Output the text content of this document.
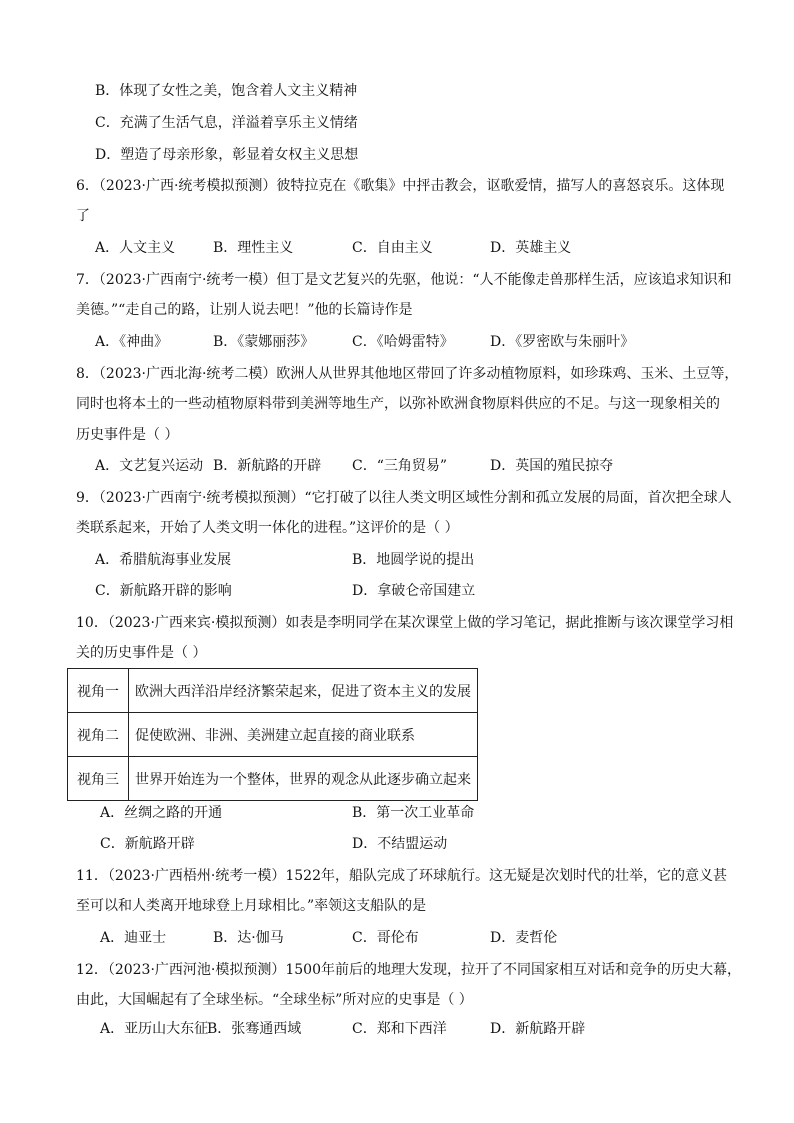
B．体现了女性之美，饱含着人文主义精神
C．充满了生活气息，洋溢着享乐主义情绪
D．塑造了母亲形象，彰显着女权主义思想
6．（2023·广西·统考模拟预测）彼特拉克在《歌集》中抨击教会，讴歌爱情，描写人的喜怒哀乐。这体现
了
A．人文主义	B．理性主义	C．自由主义	D．英雄主义
7．（2023·广西南宁·统考一模）但丁是文艺复兴的先驱，他说：“人不能像走兽那样生活，应该追求知识和
美德。”“走自己的路，让别人说去吧！”他的长篇诗作是
A．《神曲》	B．《蒙娜丽莎》	C．《哈姆雷特》	D．《罗密欧与朱丽叶》
8．（2023·广西北海·统考二模）欧洲人从世界其他地区带回了许多动植物原料，如珍珠鸡、玉米、土豆等，
同时也将本土的一些动植物原料带到美洲等地生产，以弥补欧洲食物原料供应的不足。与这一现象相关的
历史事件是（ ）
A．文艺复兴运动 B．新航路的开辟 C．“三角贸易”	D．英国的殖民掠夺
9．（2023·广西南宁·统考模拟预测）“它打破了以往人类文明区域性分割和孤立发展的局面，首次把全球人
类联系起来，开始了人类文明一体化的进程。”这评价的是（ ）
A．希腊航海事业发展	B．地圆学说的提出
C．新航路开辟的影响	D．拿破仑帝国建立
10．（2023·广西来宾·模拟预测）如表是李明同学在某次课堂上做的学习笔记，据此推断与该次课堂学习相
关的历史事件是（ ）
视角一	欧洲大西洋沿岸经济繁荣起来，促进了资本主义的发展
视角二	促使欧洲、非洲、美洲建立起直接的商业联系
视角三	世界开始连为一个整体，世界的观念从此逐步确立起来
A．丝绸之路的开通	B．第一次工业革命
C．新航路开辟	D．不结盟运动
11．（2023·广西梧州·统考一模）1522年，船队完成了环球航行。这无疑是次划时代的壮举，它的意义甚
至可以和人类离开地球登上月球相比。”率领这支船队的是
A．迪亚士	B．达·伽马	C．哥伦布	D．麦哲伦
12．（2023·广西河池·模拟预测）1500年前后的地理大发现，拉开了不同国家相互对话和竞争的历史大幕，
由此，大国崛起有了全球坐标。“全球坐标”所对应的史事是（ ）
A．亚历山大东征
B．张骞通西域	C．郑和下西洋	D．新航路开辟
